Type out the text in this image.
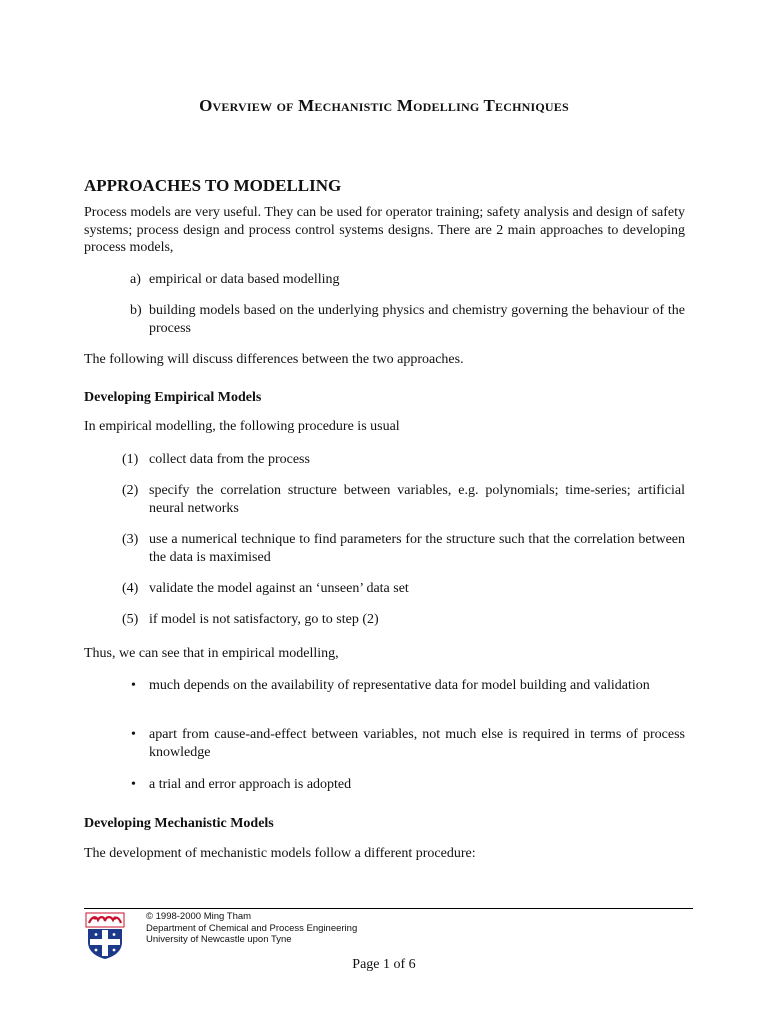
Overview of Mechanistic Modelling Techniques
APPROACHES TO MODELLING
Process models are very useful. They can be used for operator training; safety analysis and design of safety systems; process design and process control systems designs. There are 2 main approaches to developing process models,
a) empirical or data based modelling
b) building models based on the underlying physics and chemistry governing the behaviour of the process
The following will discuss differences between the two approaches.
Developing Empirical Models
In empirical modelling, the following procedure is usual
(1) collect data from the process
(2) specify the correlation structure between variables, e.g. polynomials; time-series; artificial neural networks
(3) use a numerical technique to find parameters for the structure such that the correlation between the data is maximised
(4) validate the model against an ‘unseen’ data set
(5) if model is not satisfactory, go to step (2)
Thus, we can see that in empirical modelling,
• much depends on the availability of representative data for model building and validation
• apart from cause-and-effect between variables, not much else is required in terms of process knowledge
• a trial and error approach is adopted
Developing Mechanistic Models
The development of mechanistic models follow a different procedure:
© 1998-2000 Ming Tham
Department of Chemical and Process Engineering
University of Newcastle upon Tyne
Page 1 of 6
